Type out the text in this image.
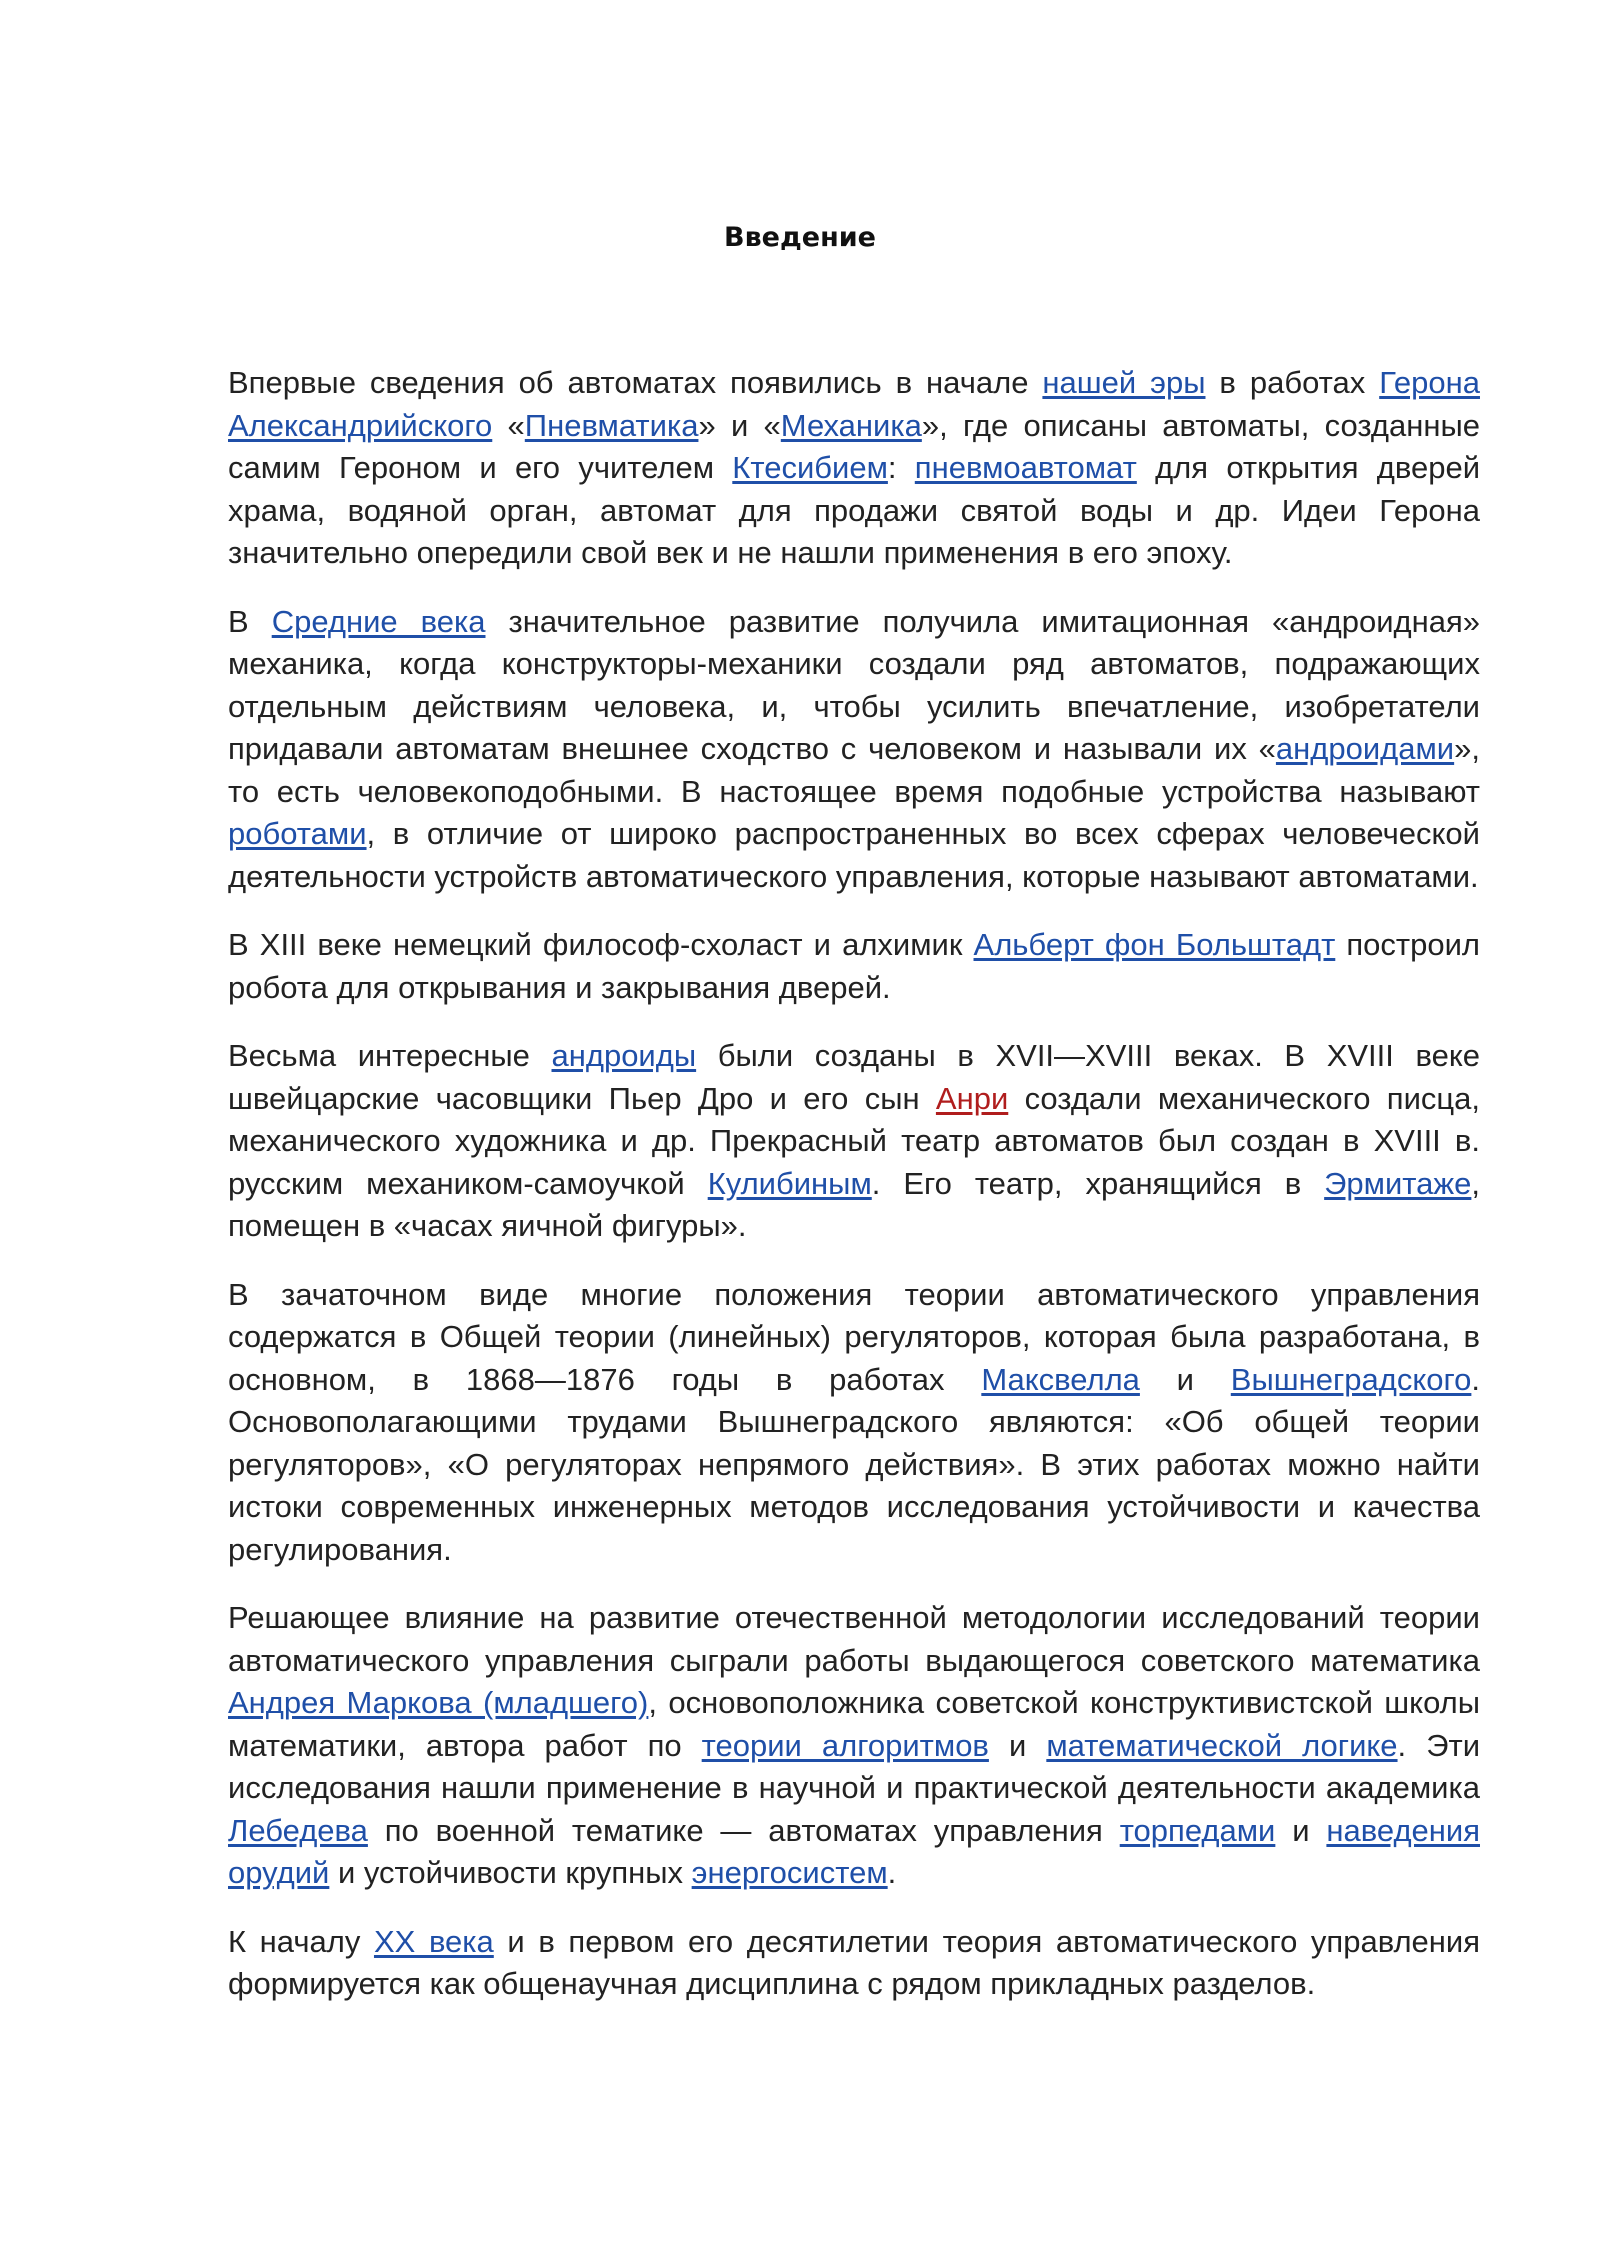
Введение

Впервые сведения об автоматах появились в начале нашей эры в работах Герона Александрийского «Пневматика» и «Механика», где описаны автоматы, созданные самим Героном и его учителем Ктесибием: пневмоавтомат для открытия дверей храма, водяной орган, автомат для продажи святой воды и др. Идеи Герона значительно опередили свой век и не нашли применения в его эпоху.

В Средние века значительное развитие получила имитационная «андроидная» механика, когда конструкторы-механики создали ряд автоматов, подражающих отдельным действиям человека, и, чтобы усилить впечатление, изобретатели придавали автоматам внешнее сходство с человеком и называли их «андроидами», то есть человекоподобными. В настоящее время подобные устройства называют роботами, в отличие от широко распространенных во всех сферах человеческой деятельности устройств автоматического управления, которые называют автоматами.

В XIII веке немецкий философ-схоласт и алхимик Альберт фон Больштадт построил робота для открывания и закрывания дверей.

Весьма интересные андроиды были созданы в XVII—XVIII веках. В XVIII веке швейцарские часовщики Пьер Дро и его сын Анри создали механического писца, механического художника и др. Прекрасный театр автоматов был создан в XVIII в. русским механиком-самоучкой Кулибиным. Его театр, хранящийся в Эрмитаже, помещен в «часах яичной фигуры».

В зачаточном виде многие положения теории автоматического управления содержатся в Общей теории (линейных) регуляторов, которая была разработана, в основном, в 1868—1876 годы в работах Максвелла и Вышнеградского. Основополагающими трудами Вышнеградского являются: «Об общей теории регуляторов», «О регуляторах непрямого действия». В этих работах можно найти истоки современных инженерных методов исследования устойчивости и качества регулирования.

Решающее влияние на развитие отечественной методологии исследований теории автоматического управления сыграли работы выдающегося советского математика Андрея Маркова (младшего), основоположника советской конструктивистской школы математики, автора работ по теории алгоритмов и математической логике. Эти исследования нашли применение в научной и практической деятельности академика Лебедева по военной тематике — автоматах управления торпедами и наведения орудий и устойчивости крупных энергосистем.

К началу XX века и в первом его десятилетии теория автоматического управления формируется как общенаучная дисциплина с рядом прикладных разделов.
